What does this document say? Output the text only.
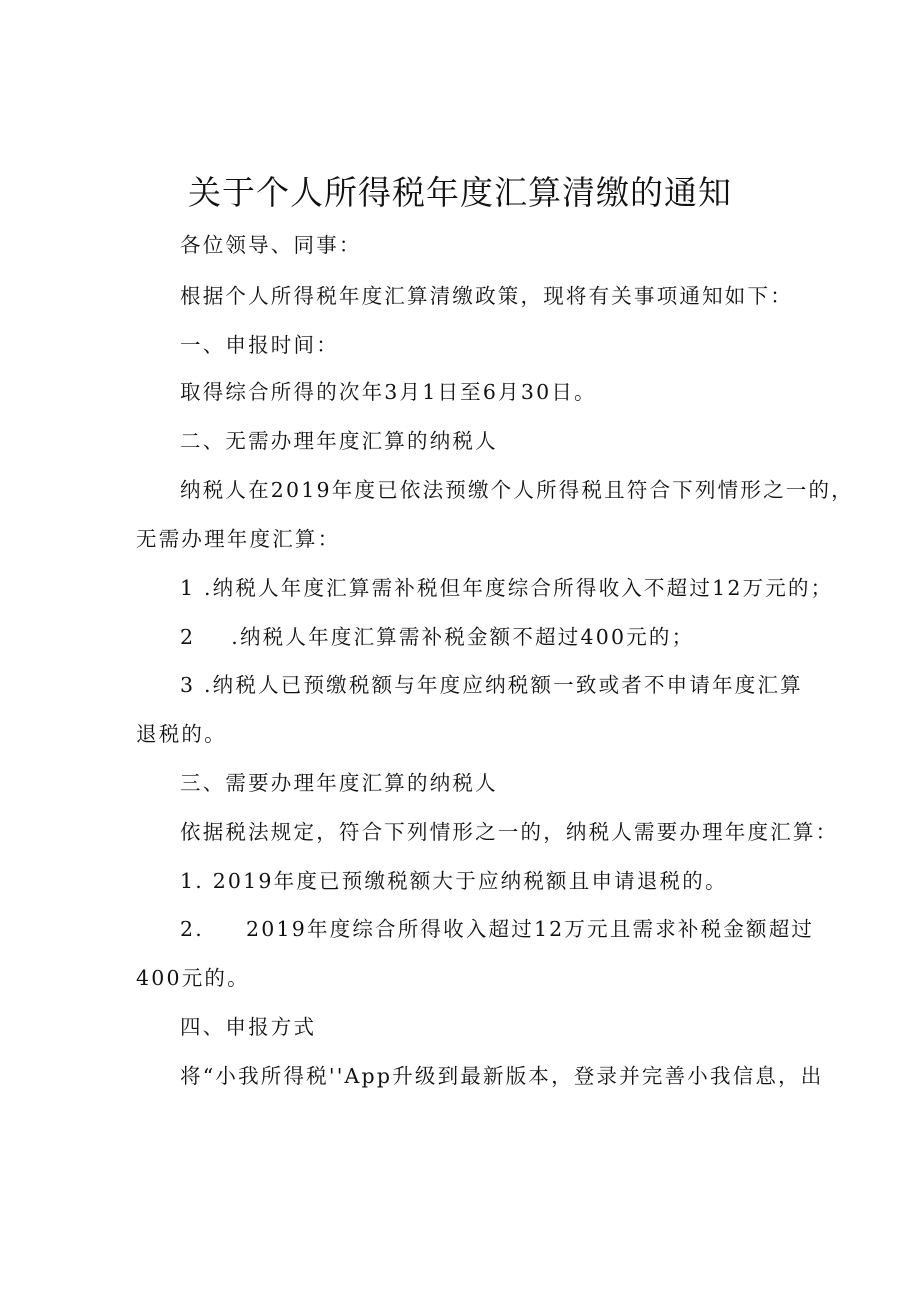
关于个人所得税年度汇算清缴的通知
各位领导、同事：
根据个人所得税年度汇算清缴政策，现将有关事项通知如下：
一、申报时间：
取得综合所得的次年3月1日至6月30日。
二、无需办理年度汇算的纳税人
纳税人在2019年度已依法预缴个人所得税且符合下列情形之一的，
无需办理年度汇算：
1 .纳税人年度汇算需补税但年度综合所得收入不超过12万元的；
2 .纳税人年度汇算需补税金额不超过400元的；
3 .纳税人已预缴税额与年度应纳税额一致或者不申请年度汇算
退税的。
三、需要办理年度汇算的纳税人
依据税法规定，符合下列情形之一的，纳税人需要办理年度汇算：
1. 2019年度已预缴税额大于应纳税额且申请退税的。
2. 2019年度综合所得收入超过12万元且需求补税金额超过
400元的。
四、申报方式
将“小我所得税''App升级到最新版本，登录并完善小我信息，出
